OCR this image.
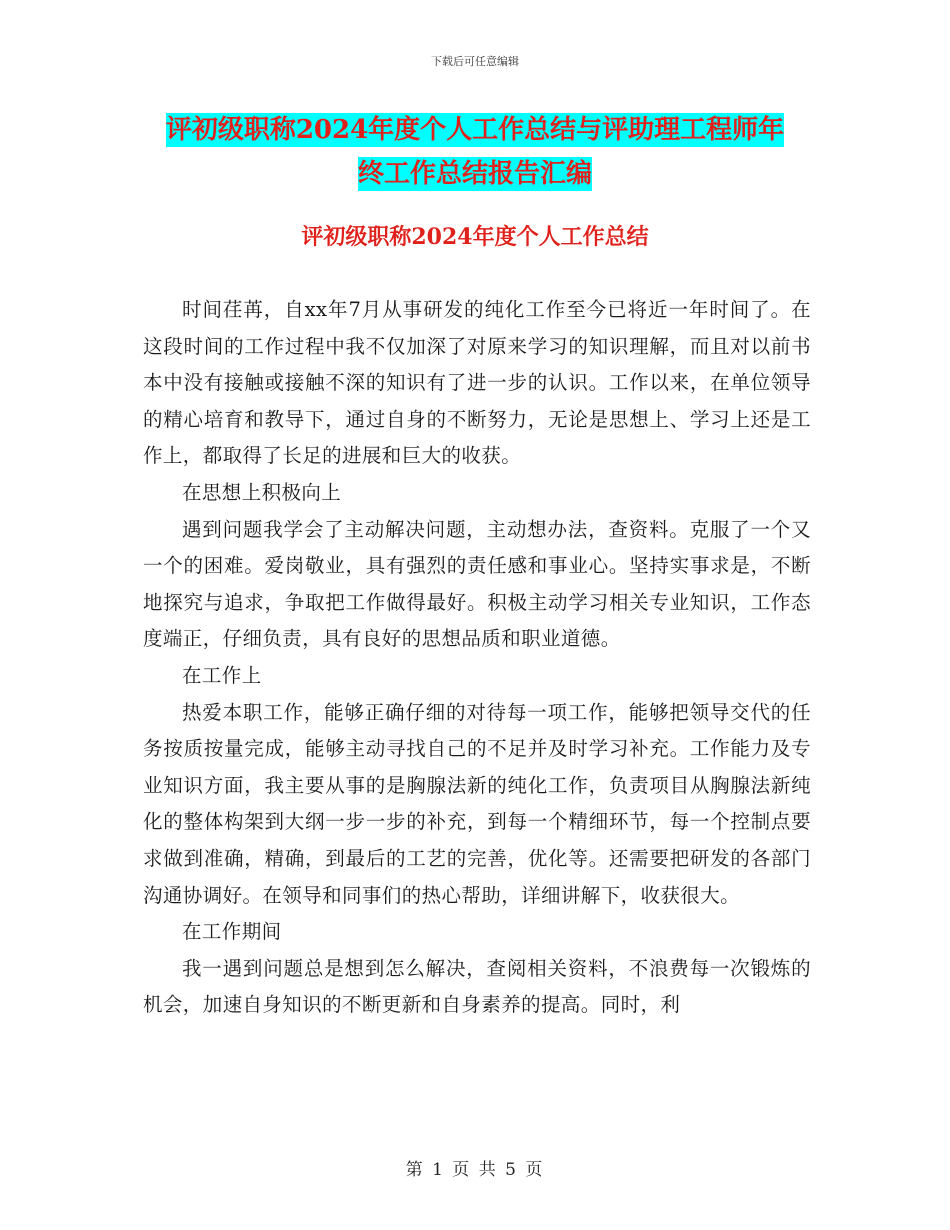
下载后可任意编辑
评初级职称2024年度个人工作总结与评助理工程师年
终工作总结报告汇编
评初级职称2024年度个人工作总结

时间荏苒，自xx年7月从事研发的纯化工作至今已将近一年时间了。在这段时间的工作过程中我不仅加深了对原来学习的知识理解，而且对以前书本中没有接触或接触不深的知识有了进一步的认识。工作以来，在单位领导的精心培育和教导下，通过自身的不断努力，无论是思想上、学习上还是工作上，都取得了长足的进展和巨大的收获。

在思想上积极向上

遇到问题我学会了主动解决问题，主动想办法，查资料。克服了一个又一个的困难。爱岗敬业，具有强烈的责任感和事业心。坚持实事求是，不断地探究与追求，争取把工作做得最好。积极主动学习相关专业知识，工作态度端正，仔细负责，具有良好的思想品质和职业道德。

在工作上

热爱本职工作，能够正确仔细的对待每一项工作，能够把领导交代的任务按质按量完成，能够主动寻找自己的不足并及时学习补充。工作能力及专业知识方面，我主要从事的是胸腺法新的纯化工作，负责项目从胸腺法新纯化的整体构架到大纲一步一步的补充，到每一个精细环节，每一个控制点要求做到准确，精确，到最后的工艺的完善，优化等。还需要把研发的各部门沟通协调好。在领导和同事们的热心帮助，详细讲解下，收获很大。

在工作期间

我一遇到问题总是想到怎么解决，查阅相关资料，不浪费每一次锻炼的机会，加速自身知识的不断更新和自身素养的提高。同时，利

第 1 页 共 5 页
